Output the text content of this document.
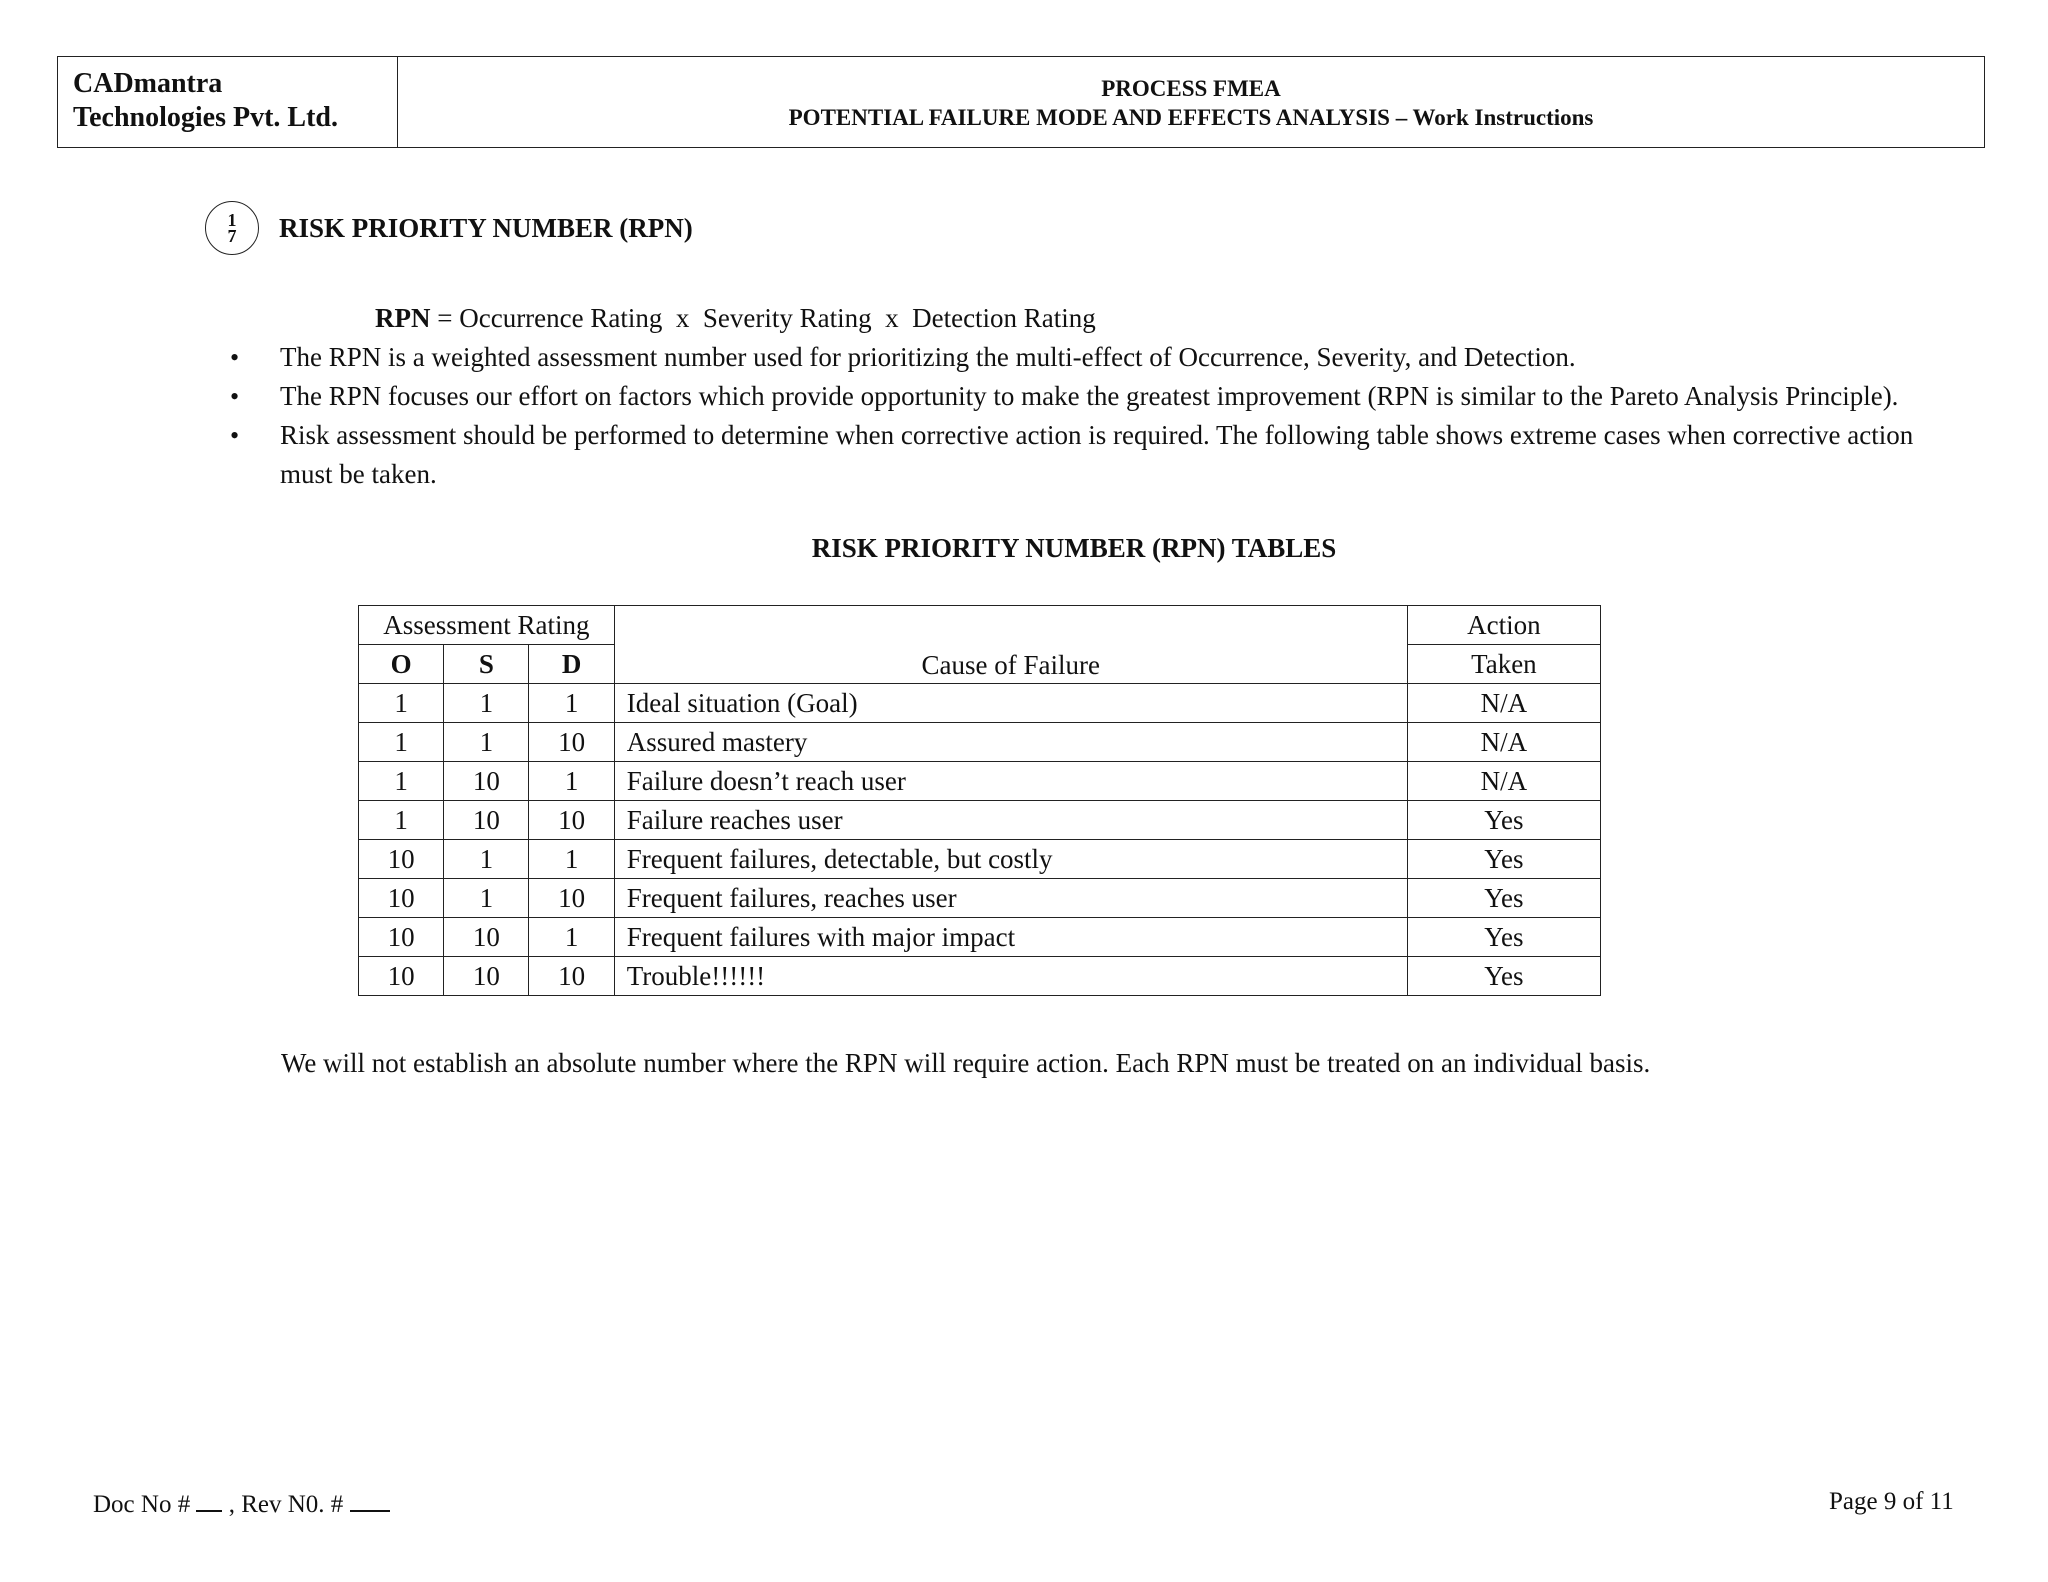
CADmantra
Technologies Pvt. Ltd.
PROCESS FMEA
POTENTIAL FAILURE MODE AND EFFECTS ANALYSIS – Work Instructions
17 RISK PRIORITY NUMBER (RPN)
RPN = Occurrence Rating  x  Severity Rating  x  Detection Rating
• The RPN is a weighted assessment number used for prioritizing the multi-effect of Occurrence, Severity, and Detection.
• The RPN focuses our effort on factors which provide opportunity to make the greatest improvement (RPN is similar to the Pareto Analysis Principle).
• Risk assessment should be performed to determine when corrective action is required. The following table shows extreme cases when corrective action must be taken.
RISK PRIORITY NUMBER (RPN) TABLES
Assessment Rating			Cause of Failure	Action
O	S	D		Taken
1	1	1	Ideal situation (Goal)	N/A
1	1	10	Assured mastery	N/A
1	10	1	Failure doesn’t reach user	N/A
1	10	10	Failure reaches user	Yes
10	1	1	Frequent failures, detectable, but costly	Yes
10	1	10	Frequent failures, reaches user	Yes
10	10	1	Frequent failures with major impact	Yes
10	10	10	Trouble!!!!!!	Yes
We will not establish an absolute number where the RPN will require action. Each RPN must be treated on an individual basis.
Doc No #  , Rev N0. #	Page 9 of 11
